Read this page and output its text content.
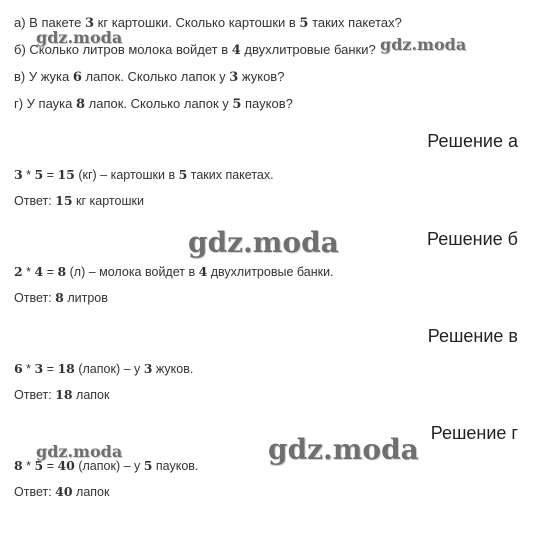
а) В пакете 3 кг картошки. Сколько картошки в 5 таких пакетах?
б) Сколько литров молока войдет в 4 двухлитровые банки?
в) У жука 6 лапок. Сколько лапок у 3 жуков?
г) У паука 8 лапок. Сколько лапок у 5 пауков?
Решение а
3 * 5 = 15 (кг) – картошки в 5 таких пакетах.
Ответ: 15 кг картошки
Решение б
2 * 4 = 8 (л) – молока войдет в 4 двухлитровые банки.
Ответ: 8 литров
Решение в
6 * 3 = 18 (лапок) – у 3 жуков.
Ответ: 18 лапок
Решение г
8 * 5 = 40 (лапок) – у 5 пауков.
Ответ: 40 лапок
gdz.moda	gdz.moda
gdz.moda
gdz.moda	gdz.moda
